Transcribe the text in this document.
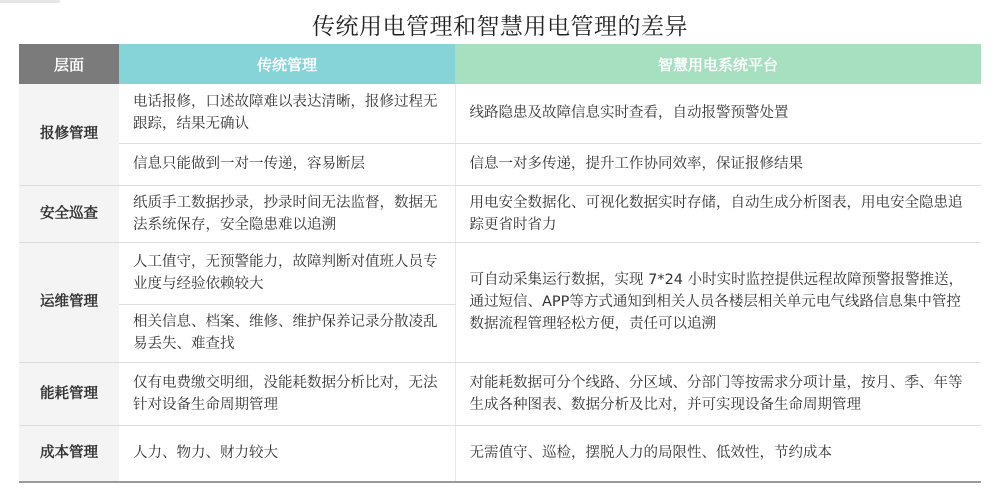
传统用电管理和智慧用电管理的差异
层面	传统管理	智慧用电系统平台
报修管理	电话报修，口述故障难以表达清晰，报修过程无跟踪，结果无确认	线路隐患及故障信息实时查看，自动报警预警处置
	信息只能做到一对一传递，容易断层	信息一对多传递，提升工作协同效率，保证报修结果
安全巡查	纸质手工数据抄录，抄录时间无法监督，数据无法系统保存，安全隐患难以追溯	用电安全数据化、可视化数据实时存储，自动生成分析图表，用电安全隐患追踪更省时省力
运维管理	人工值守，无预警能力，故障判断对值班人员专业度与经验依赖较大	可自动采集运行数据，实现 7*24 小时实时监控提供远程故障预警报警推送，通过短信、APP等方式通知到相关人员各楼层相关单元电气线路信息集中管控数据流程管理轻松方便，责任可以追溯
	相关信息、档案、维修、维护保养记录分散凌乱易丢失、难查找	
能耗管理	仅有电费缴交明细，没能耗数据分析比对，无法针对设备生命周期管理	对能耗数据可分个线路、分区域、分部门等按需求分项计量，按月、季、年等生成各种图表、数据分析及比对，并可实现设备生命周期管理
成本管理	人力、物力、财力较大	无需值守、巡检，摆脱人力的局限性、低效性，节约成本
